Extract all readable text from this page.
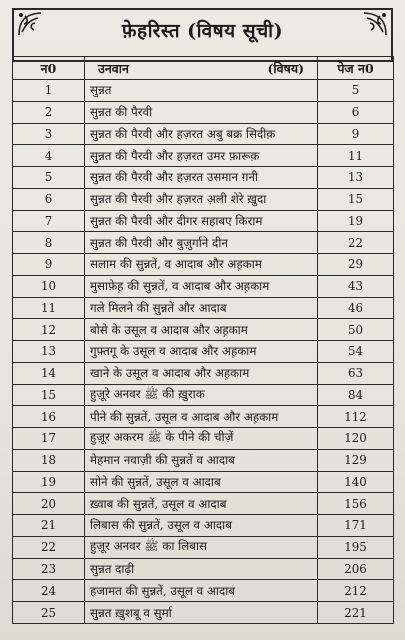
फ़ेहरिस्त (विषय सूची)
न0	उनवान (विषय)	पेज न0
1	सुन्नत	5
2	सुन्नत की पैरवी	6
3	सुन्नत की पैरवी और हज़रत अबु बक्र सिदीक़	9
4	सुन्नत की पैरवी और हज़रत उमर फ़ारूक़	11
5	सुन्नत की पैरवी और हज़रत उसमान ग़नी	13
6	सुन्नत की पैरवी और हज़रत अ़ली शेरे ख़ुदा	15
7	सुन्नत की पैरवी और दीगर सहाबए किराम	19
8	सुन्नत की पैरवी और बुज़ुर्गाने दीन	22
9	सलाम की सुन्नतें, व आदाब और अह़काम	29
10	मुसाफ़ेह़ की सुन्नतें, व आदाब और अह़काम	43
11	गले मिलने की सुन्नतें और आदाब	46
12	बोसे के उसूल व आदाब और अह़काम	50
13	गुफ़्तगू के उसूल व आदाब और अह़काम	54
14	खाने के उसूल व आदाब और अह़काम	63
15	हुज़ूरे अनवर ﷺ की ख़ुराक	84
16	पीने की सुन्नतें, उसूल व आदाब और अह़काम	112
17	हुज़ूर अकरम ﷺ के पीने की चीज़ें	120
18	मेहमान नवाज़ी की सुन्नतें व आदाब	129
19	सोने की सुन्नतें, उसूल व आदाब	140
20	ख़्वाब की सुन्नतें, उसूल व आदाब	156
21	लिबास की सुन्नतें, उसूल व आदाब	171
22	हुज़ूर अनवर ﷺ का लिबास	195
23	सुन्नत दाढ़ी	206
24	हजामत की सुन्नतें, उसूल व आदाब	212
25	सुन्नत ख़ुशबू व सुर्मा	221
